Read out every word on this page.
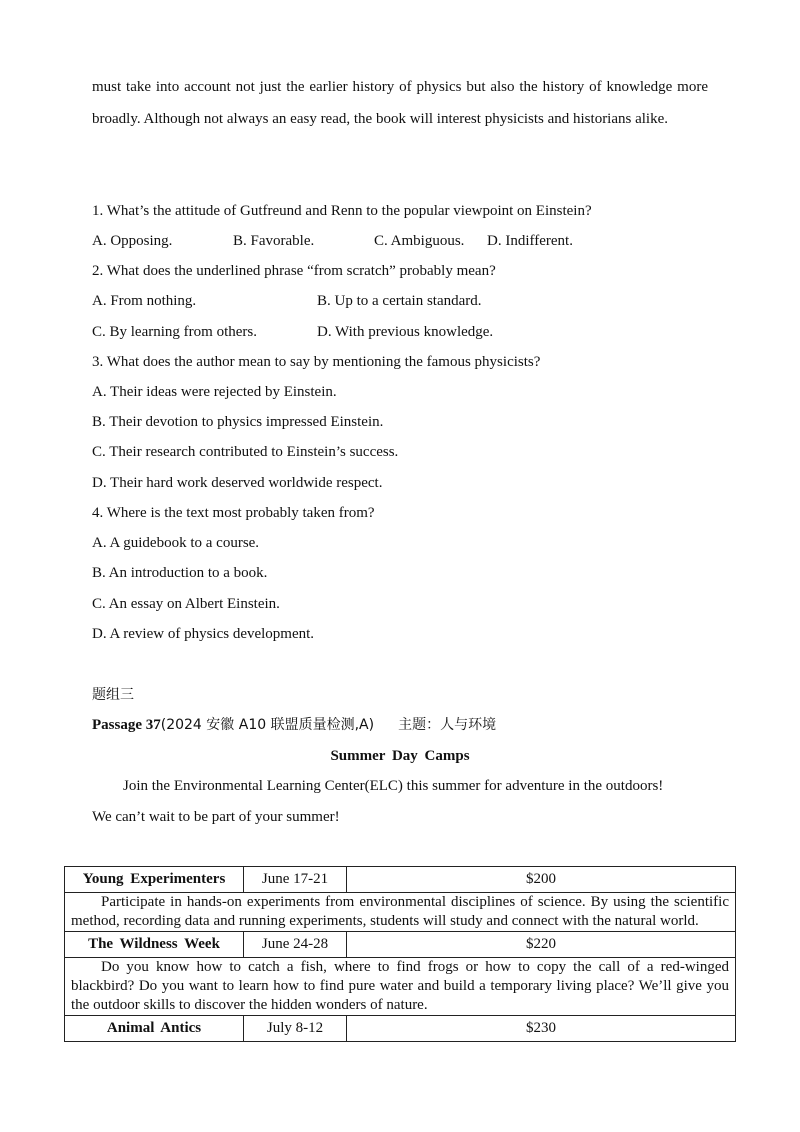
must take into account not just the earlier history of physics but also the history of knowledge more broadly. Although not always an easy read, the book will interest physicists and historians alike.
1. What’s the attitude of Gutfreund and Renn to the popular viewpoint on Einstein?
A. Opposing.	B. Favorable.	C. Ambiguous. D. Indifferent.
2. What does the underlined phrase “from scratch” probably mean?
A. From nothing.	B. Up to a certain standard.
C. By learning from others.	D. With previous knowledge.
3. What does the author mean to say by mentioning the famous physicists?
A. Their ideas were rejected by Einstein.
B. Their devotion to physics impressed Einstein.
C. Their research contributed to Einstein’s success.
D. Their hard work deserved worldwide respect.
4. Where is the text most probably taken from?
A. A guidebook to a course.
B. An introduction to a book.
C. An essay on Albert Einstein.
D. A review of physics development.
题组三
Passage 37(2024 安徽 A10 联盟质量检测,A) 主题：人与环境
Summer Day Camps
Join the Environmental Learning Center(ELC) this summer for adventure in the outdoors!
We can’t wait to be part of your summer!
Young Experimenters	June 17-21	$200

Participate in hands-on experiments from environmental disciplines of science. By using the scientific method, recording data and running experiments, students will study and connect with the natural world.		

The Wildness Week	June 24-28	$220

Do you know how to catch a fish, where to find frogs or how to copy the call of a red-winged blackbird? Do you want to learn how to find pure water and build a temporary living place? We’ll give you the outdoor skills to discover the hidden wonders of nature.		

Animal Antics	July 8-12	$230
